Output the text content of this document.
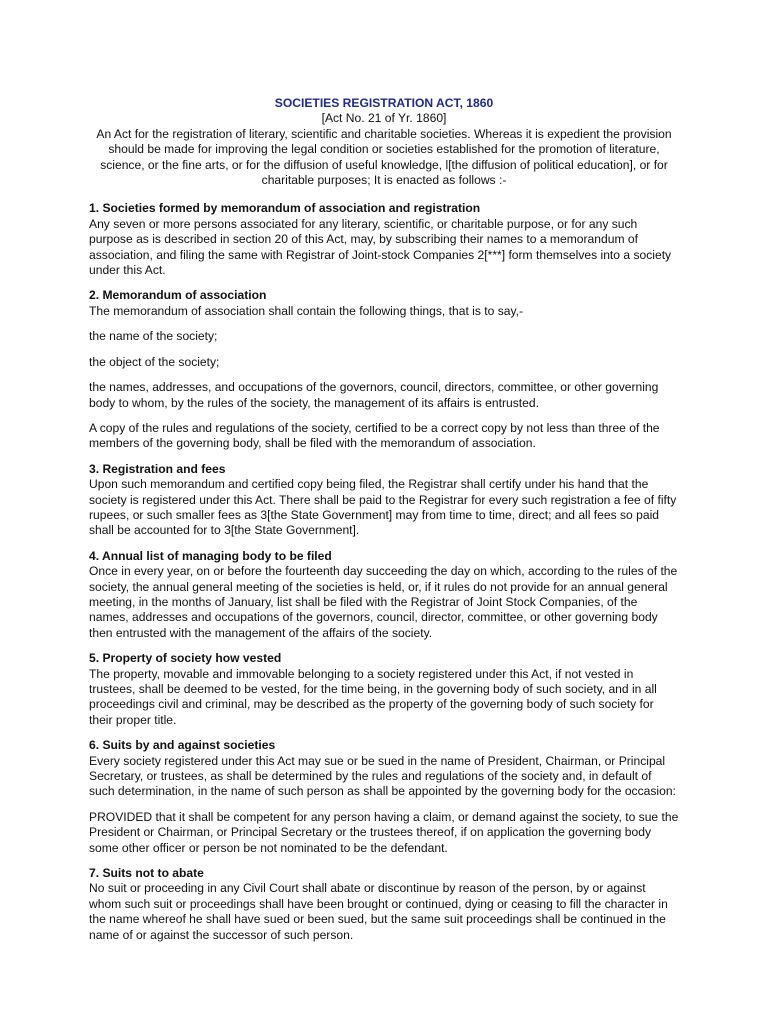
SOCIETIES REGISTRATION ACT, 1860

[Act No. 21 of Yr. 1860]

An Act for the registration of literary, scientific and charitable societies. Whereas it is expedient the provision should be made for improving the legal condition or societies established for the promotion of literature, science, or the fine arts, or for the diffusion of useful knowledge, l[the diffusion of political education], or for charitable purposes; It is enacted as follows :-

1. Societies formed by memorandum of association and registration

Any seven or more persons associated for any literary, scientific, or charitable purpose, or for any such purpose as is described in section 20 of this Act, may, by subscribing their names to a memorandum of association, and filing the same with Registrar of Joint-stock Companies 2[***] form themselves into a society under this Act.

2. Memorandum of association

The memorandum of association shall contain the following things, that is to say,-

the name of the society;

the object of the society;

the names, addresses, and occupations of the governors, council, directors, committee, or other governing body to whom, by the rules of the society, the management of its affairs is entrusted.

A copy of the rules and regulations of the society, certified to be a correct copy by not less than three of the members of the governing body, shall be filed with the memorandum of association.

3. Registration and fees

Upon such memorandum and certified copy being filed, the Registrar shall certify under his hand that the society is registered under this Act. There shall be paid to the Registrar for every such registration a fee of fifty rupees, or such smaller fees as 3[the State Government] may from time to time, direct; and all fees so paid shall be accounted for to 3[the State Government].

4. Annual list of managing body to be filed

Once in every year, on or before the fourteenth day succeeding the day on which, according to the rules of the society, the annual general meeting of the societies is held, or, if it rules do not provide for an annual general meeting, in the months of January, list shall be filed with the Registrar of Joint Stock Companies, of the names, addresses and occupations of the governors, council, director, committee, or other governing body then entrusted with the management of the affairs of the society.

5. Property of society how vested

The property, movable and immovable belonging to a society registered under this Act, if not vested in trustees, shall be deemed to be vested, for the time being, in the governing body of such society, and in all proceedings civil and criminal, may be described as the property of the governing body of such society for their proper title.

6. Suits by and against societies

Every society registered under this Act may sue or be sued in the name of President, Chairman, or Principal Secretary, or trustees, as shall be determined by the rules and regulations of the society and, in default of such determination, in the name of such person as shall be appointed by the governing body for the occasion:

PROVIDED that it shall be competent for any person having a claim, or demand against the society, to sue the President or Chairman, or Principal Secretary or the trustees thereof, if on application the governing body some other officer or person be not nominated to be the defendant.

7. Suits not to abate

No suit or proceeding in any Civil Court shall abate or discontinue by reason of the person, by or against whom such suit or proceedings shall have been brought or continued, dying or ceasing to fill the character in the name whereof he shall have sued or been sued, but the same suit proceedings shall be continued in the name of or against the successor of such person.
